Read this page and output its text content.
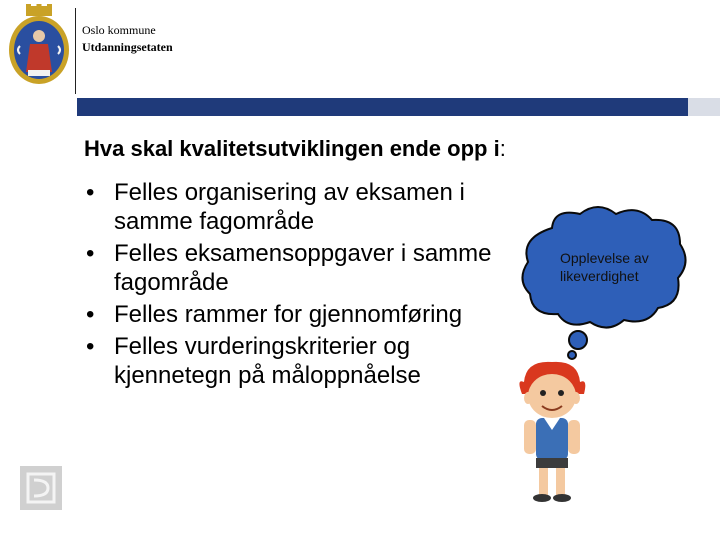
Oslo kommune
Utdanningsetaten
Hva skal kvalitetsutviklingen ende opp i:
• Felles organisering av eksamen i samme fagområde
• Felles eksamensoppgaver i samme fagområde
• Felles rammer for gjennomføring
• Felles vurderingskriterier og kjennetegn på måloppnåelse
Opplevelse av likeverdighet
